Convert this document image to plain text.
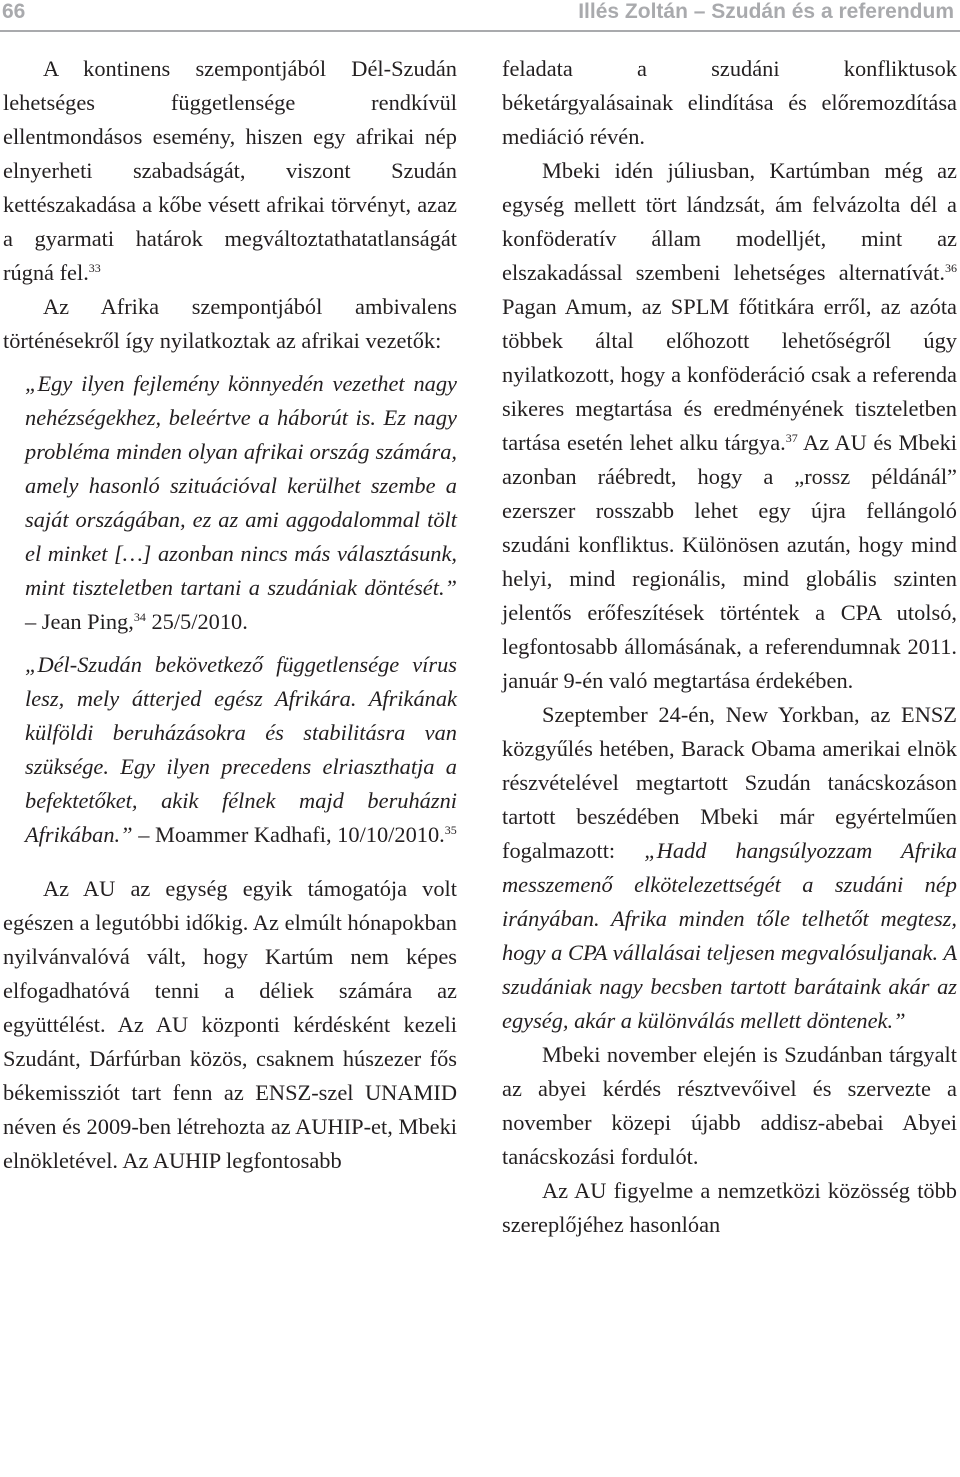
66	Illés Zoltán – Szudán és a referendum

A kontinens szempontjából Dél-Szudán lehetséges függetlensége rendkívül ellentmondásos esemény, hiszen egy afrikai nép elnyerheti szabadságát, viszont Szudán kettészakadása a kőbe vésett afrikai törvényt, azaz a gyarmati határok megváltoztathatatlanságát rúgná fel.$^{33}$

Az Afrika szempontjából ambivalens történésekről így nyilatkoztak az afrikai vezetők:

„Egy ilyen fejlemény könnyedén vezethet nagy nehézségekhez, beleértve a háborút is. Ez nagy probléma minden olyan afrikai ország számára, amely hasonló szituációval kerülhet szembe a saját országában, ez az ami aggodalommal tölt el minket […] azonban nincs más választásunk, mint tiszteletben tartani a szudániak döntését.” – Jean Ping,$^{34}$ 25/5/2010.

„Dél-Szudán bekövetkező függetlensége vírus lesz, mely átterjed egész Afrikára. Afrikának külföldi beruházásokra és stabilitásra van szüksége. Egy ilyen precedens elriaszthatja a befektetőket, akik félnek majd beruházni Afrikában.” – Moammer Kadhafi, 10/10/2010.35

Az AU az egység egyik támogatója volt egészen a legutóbbi időkig. Az elmúlt hónapokban nyilvánvalóvá vált, hogy Kartúm nem képes elfogadhatóvá tenni a déliek számára az együttélést. Az AU központi kérdésként kezeli Szudánt, Dárfúrban közös, csaknem húszezer fős békemissziót tart fenn az ENSZ-szel UNAMID néven és 2009-ben létrehozta az AUHIP-et, Mbeki elnökletével. Az AUHIP legfontosabb

feladata a szudáni konfliktusok béketárgyalásainak elindítása és előremozdítása mediáció révén.

Mbeki idén júliusban, Kartúmban még az egység mellett tört lándzsát, ám felvázolta dél a konföderatív állam modelljét, mint az elszakadással szembeni lehetséges alternatívát.$^{36}$ Pagan Amum, az SPLM főtitkára erről, az azóta többek által előhozott lehetőségről úgy nyilatkozott, hogy a konföderáció csak a referenda sikeres megtartása és eredményének tiszteletben tartása esetén lehet alku tárgya.$^{37}$ Az AU és Mbeki azonban ráébredt, hogy a „rossz példánál” ezerszer rosszabb lehet egy újra fellángoló szudáni konfliktus. Különösen azután, hogy mind helyi, mind regionális, mind globális szinten jelentős erőfeszítések történtek a CPA utolsó, legfontosabb állomásának, a referendumnak 2011. január 9-én való megtartása érdekében.

Szeptember 24-én, New Yorkban, az ENSZ közgyűlés hetében, Barack Obama amerikai elnök részvételével megtartott Szudán tanácskozáson tartott beszédében Mbeki már egyértelműen fogalmazott: „Hadd hangsúlyozzam Afrika messzemenő elkötelezettségét a szudáni nép irányában. Afrika minden tőle telhetőt megtesz, hogy a CPA vállalásai teljesen megvalósuljanak. A szudániak nagy becsben tartott barátaink akár az egység, akár a különválás mellett döntenek.”

Mbeki november elején is Szudánban tárgyalt az abyei kérdés résztvevőivel és szervezte a november közepi újabb addisz-abebai Abyei tanácskozási fordulót.

Az AU figyelme a nemzetközi közösség több szereplőjéhez hasonlóan
